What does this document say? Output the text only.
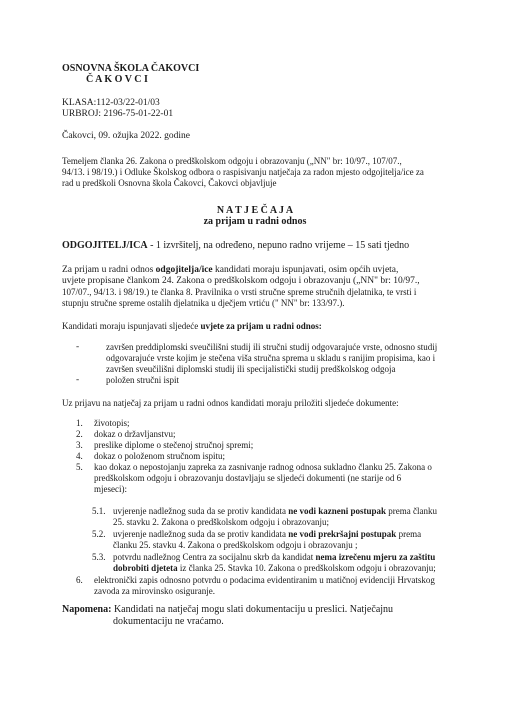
OSNOVNA ŠKOLA ČAKOVCI
Č A K O V C I
KLASA:112-03/22-01/03
URBROJ: 2196-75-01-22-01
Čakovci, 09. ožujka 2022. godine
Temeljem članka 26. Zakona o predškolskom odgoju i obrazovanju („NN" br: 10/97., 107/07.,
94/13. i 98/19.) i Odluke Školskog odbora o raspisivanju natječaja za radon mjesto odgojitelja/ice za
rad u predškoli Osnovna škola Čakovci, Čakovci objavljuje
N A T J E Č A J A
za prijam u radni odnos
ODGOJITELJ/ICA - 1 izvršitelj, na određeno, nepuno radno vrijeme – 15 sati tjedno
Za prijam u radni odnos odgojitelja/ice kandidati moraju ispunjavati, osim općih uvjeta,
uvjete propisane člankom 24. Zakona o predškolskom odgoju i obrazovanju („NN" br: 10/97.,
107/07., 94/13. i 98/19.) te članka 8. Pravilnika o vrsti stručne spreme stručnih djelatnika, te vrsti i
stupnju stručne spreme ostalih djelatnika u dječjem vrtiću (" NN" br: 133/97.).
Kandidati moraju ispunjavati sljedeće uvjete za prijam u radni odnos:
-	završen preddiplomski sveučilišni studij ili stručni studij odgovarajuće vrste, odnosno studij
odgovarajuće vrste kojim je stečena viša stručna sprema u skladu s ranijim propisima, kao i
završen sveučilišni diplomski studij ili specijalistički studij predškolskog odgoja
-	položen stručni ispit
Uz prijavu na natječaj za prijam u radni odnos kandidati moraju priložiti sljedeće dokumente:
1. životopis;
2. dokaz o državljanstvu;
3. preslike diplome o stečenoj stručnoj spremi;
4. dokaz o položenom stručnom ispitu;
5. kao dokaz o nepostojanju zapreka za zasnivanje radnog odnosa sukladno članku 25. Zakona o
predškolskom odgoju i obrazovanju dostavljaju se sljedeći dokumenti (ne starije od 6
mjeseci):
5.1. uvjerenje nadležnog suda da se protiv kandidata ne vodi kazneni postupak prema članku
25. stavku 2. Zakona o predškolskom odgoju i obrazovanju;
5.2. uvjerenje nadležnog suda da se protiv kandidata ne vodi prekršajni postupak prema
članku 25. stavku 4. Zakona o predškolskom odgoju i obrazovanju ;
5.3. potvrdu nadležnog Centra za socijalnu skrb da kandidat nema izrečenu mjeru za zaštitu
dobrobiti djeteta iz članka 25. Stavka 10. Zakona o predškolskom odgoju i obrazovanju;
6. elektronički zapis odnosno potvrdu o podacima evidentiranim u matičnoj evidenciji Hrvatskog
zavoda za mirovinsko osiguranje.
Napomena: Kandidati na natječaj mogu slati dokumentaciju u preslici. Natječajnu
dokumentaciju ne vraćamo.
